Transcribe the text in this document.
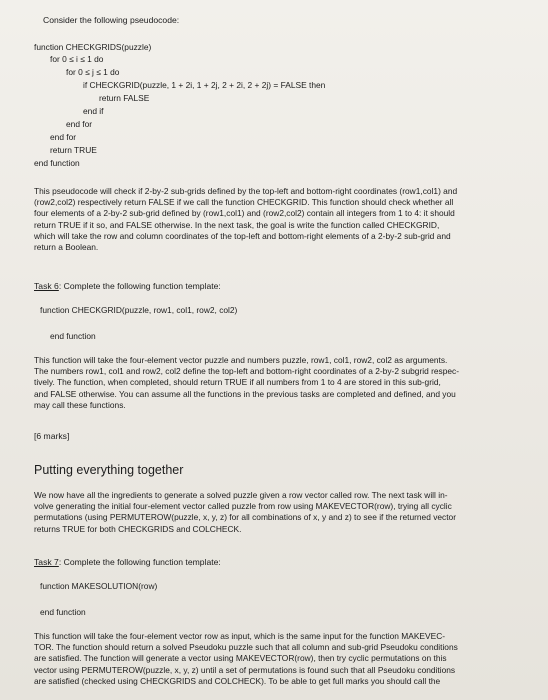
Consider the following pseudocode:
function CHECKGRIDS(puzzle)
for 0 ≤ i ≤ 1 do
for 0 ≤ j ≤ 1 do
if CHECKGRID(puzzle, 1 + 2i, 1 + 2j, 2 + 2i, 2 + 2j) = FALSE then
return FALSE
end if
end for
end for
return TRUE
end function
This pseudocode will check if 2-by-2 sub-grids defined by the top-left and bottom-right coordinates (row1,col1) and
(row2,col2) respectively return FALSE if we call the function CHECKGRID. This function should check whether all
four elements of a 2-by-2 sub-grid defined by (row1,col1) and (row2,col2) contain all integers from 1 to 4: it should
return TRUE if it so, and FALSE otherwise. In the next task, the goal is write the function called CHECKGRID,
which will take the row and column coordinates of the top-left and bottom-right elements of a 2-by-2 sub-grid and
return a Boolean.
Task 6: Complete the following function template:
function CHECKGRID(puzzle, row1, col1, row2, col2)
end function
This function will take the four-element vector puzzle and numbers puzzle, row1, col1, row2, col2 as arguments.
The numbers row1, col1 and row2, col2 define the top-left and bottom-right coordinates of a 2-by-2 subgrid respec-
tively. The function, when completed, should return TRUE if all numbers from 1 to 4 are stored in this sub-grid,
and FALSE otherwise. You can assume all the functions in the previous tasks are completed and defined, and you
may call these functions.
[6 marks]
Putting everything together
We now have all the ingredients to generate a solved puzzle given a row vector called row. The next task will in-
volve generating the initial four-element vector called puzzle from row using MAKEVECTOR(row), trying all cyclic
permutations (using PERMUTEROW(puzzle, x, y, z) for all combinations of x, y and z) to see if the returned vector
returns TRUE for both CHECKGRIDS and COLCHECK.
Task 7: Complete the following function template:
function MAKESOLUTION(row)
end function
This function will take the four-element vector row as input, which is the same input for the function MAKEVEC-
TOR. The function should return a solved Pseudoku puzzle such that all column and sub-grid Pseudoku conditions
are satisfied. The function will generate a vector using MAKEVECTOR(row), then try cyclic permutations on this
vector using PERMUTEROW(puzzle, x, y, z) until a set of permutations is found such that all Pseudoku conditions
are satisfied (checked using CHECKGRIDS and COLCHECK). To be able to get full marks you should call the
